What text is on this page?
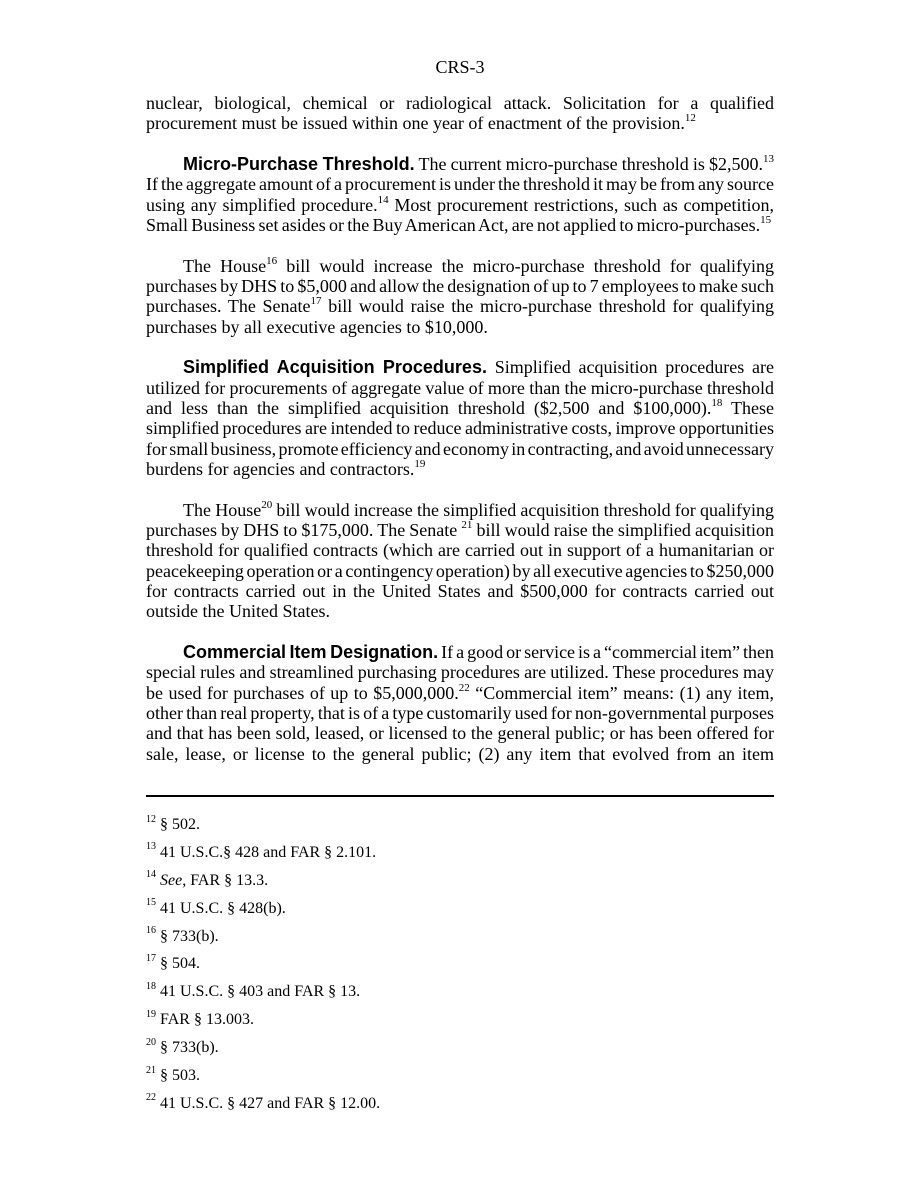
CRS-3
nuclear, biological, chemical or radiological attack. Solicitation for a qualified
procurement must be issued within one year of enactment of the provision.$^{12}$
Micro-Purchase Threshold. The current micro-purchase threshold is $2,500.13
If the aggregate amount of a procurement is under the threshold it may be from any source
using any simplified procedure.$^{14}$ Most procurement restrictions, such as competition,
Small Business set asides or the Buy American Act, are not applied to micro-purchases.$^{15}$
The House$^{16}$ bill would increase the micro-purchase threshold for qualifying
purchases by DHS to $5,000 and allow the designation of up to 7 employees to make such
purchases. The Senate$^{17}$ bill would raise the micro-purchase threshold for qualifying
purchases by all executive agencies to $10,000.
Simplified Acquisition Procedures. Simplified acquisition procedures are
utilized for procurements of aggregate value of more than the micro-purchase threshold
and less than the simplified acquisition threshold ($2,500 and $100,000).$^{18}$ These
simplified procedures are intended to reduce administrative costs, improve opportunities
for small business, promote efficiency and economy in contracting, and avoid unnecessary
burdens for agencies and contractors.$^{19}$
The House$^{20}$ bill would increase the simplified acquisition threshold for qualifying
purchases by DHS to $175,000. The Senate $^{21}$ bill would raise the simplified acquisition
threshold for qualified contracts (which are carried out in support of a humanitarian or
peacekeeping operation or a contingency operation) by all executive agencies to $250,000
for contracts carried out in the United States and $500,000 for contracts carried out
outside the United States.
Commercial Item Designation. If a good or service is a “commercial item” then
special rules and streamlined purchasing procedures are utilized. These procedures may
be used for purchases of up to $5,000,000.22 “Commercial item” means: (1) any item,
other than real property, that is of a type customarily used for non-governmental purposes
and that has been sold, leased, or licensed to the general public; or has been offered for
sale, lease, or license to the general public; (2) any item that evolved from an item
$^{12}$ § 502.
$^{13}$ 41 U.S.C.§ 428 and FAR § 2.101.
$^{14}$ See, FAR § 13.3.
$^{15}$ 41 U.S.C. § 428(b).
$^{16}$ § 733(b).
$^{17}$ § 504.
$^{18}$ 41 U.S.C. § 403 and FAR § 13.
$^{19}$ FAR § 13.003.
$^{20}$ § 733(b).
$^{21}$ § 503.
$^{22}$ 41 U.S.C. § 427 and FAR § 12.00.
